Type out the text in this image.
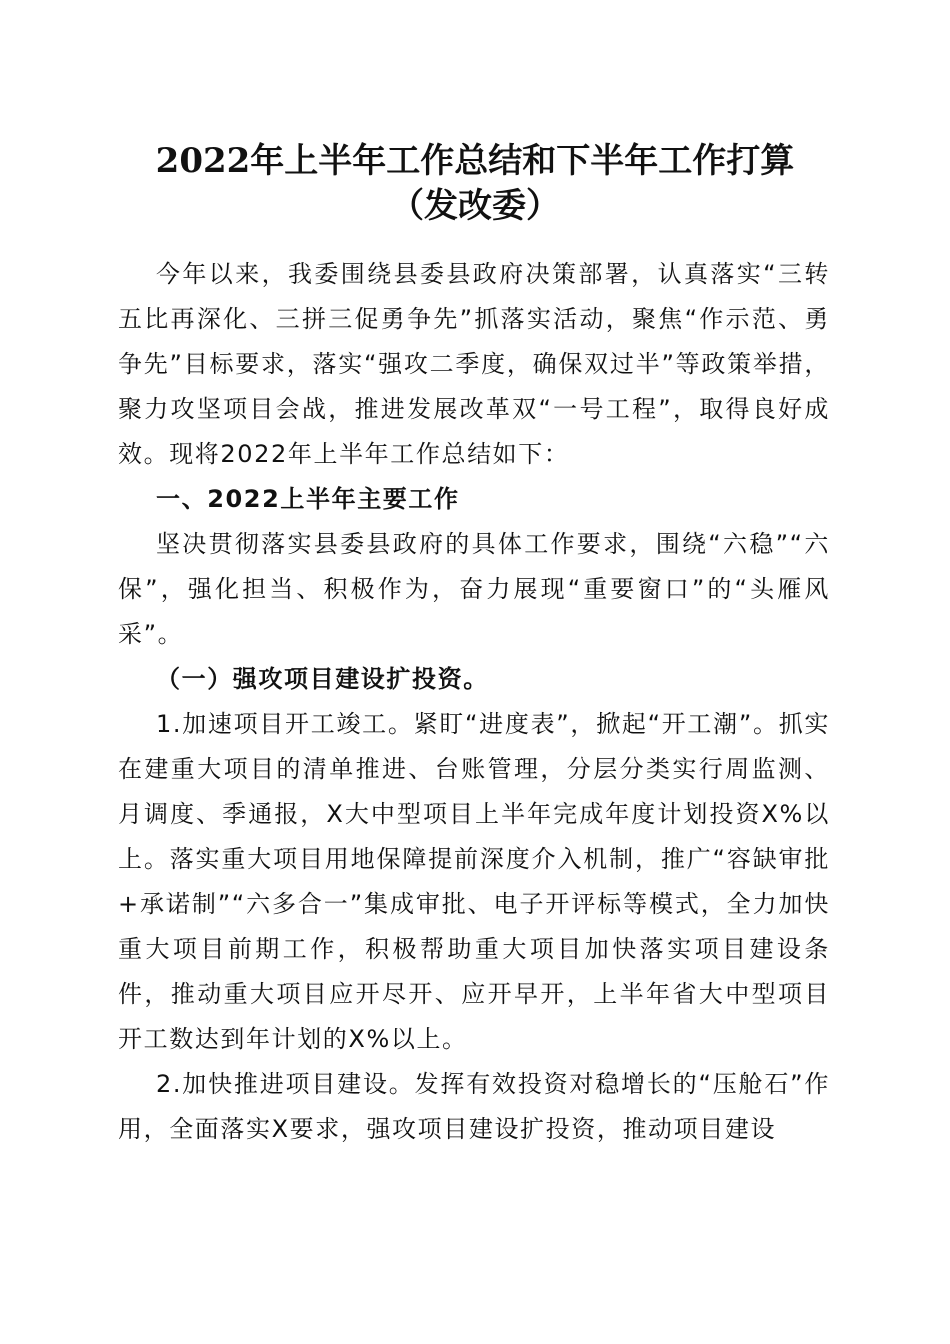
2022年上半年工作总结和下半年工作打算
（发改委）

今年以来，我委围绕县委县政府决策部署，认真落实“三转五比再深化、三拼三促勇争先”抓落实活动，聚焦“作示范、勇争先”目标要求，落实“强攻二季度，确保双过半”等政策举措，聚力攻坚项目会战，推进发展改革双“一号工程”，取得良好成效。现将2022年上半年工作总结如下：

一、2022上半年主要工作

坚决贯彻落实县委县政府的具体工作要求，围绕“六稳”“六保”，强化担当、积极作为，奋力展现“重要窗口”的“头雁风采”。

（一）强攻项目建设扩投资。

1.加速项目开工竣工。紧盯“进度表”，掀起“开工潮”。抓实在建重大项目的清单推进、台账管理，分层分类实行周监测、月调度、季通报，X大中型项目上半年完成年度计划投资X%以上。落实重大项目用地保障提前深度介入机制，推广“容缺审批+承诺制”“六多合一”集成审批、电子开评标等模式，全力加快重大项目前期工作，积极帮助重大项目加快落实项目建设条件，推动重大项目应开尽开、应开早开，上半年省大中型项目开工数达到年计划的X%以上。

2.加快推进项目建设。发挥有效投资对稳增长的“压舱石”作用，全面落实X要求，强攻项目建设扩投资，推动项目建设
